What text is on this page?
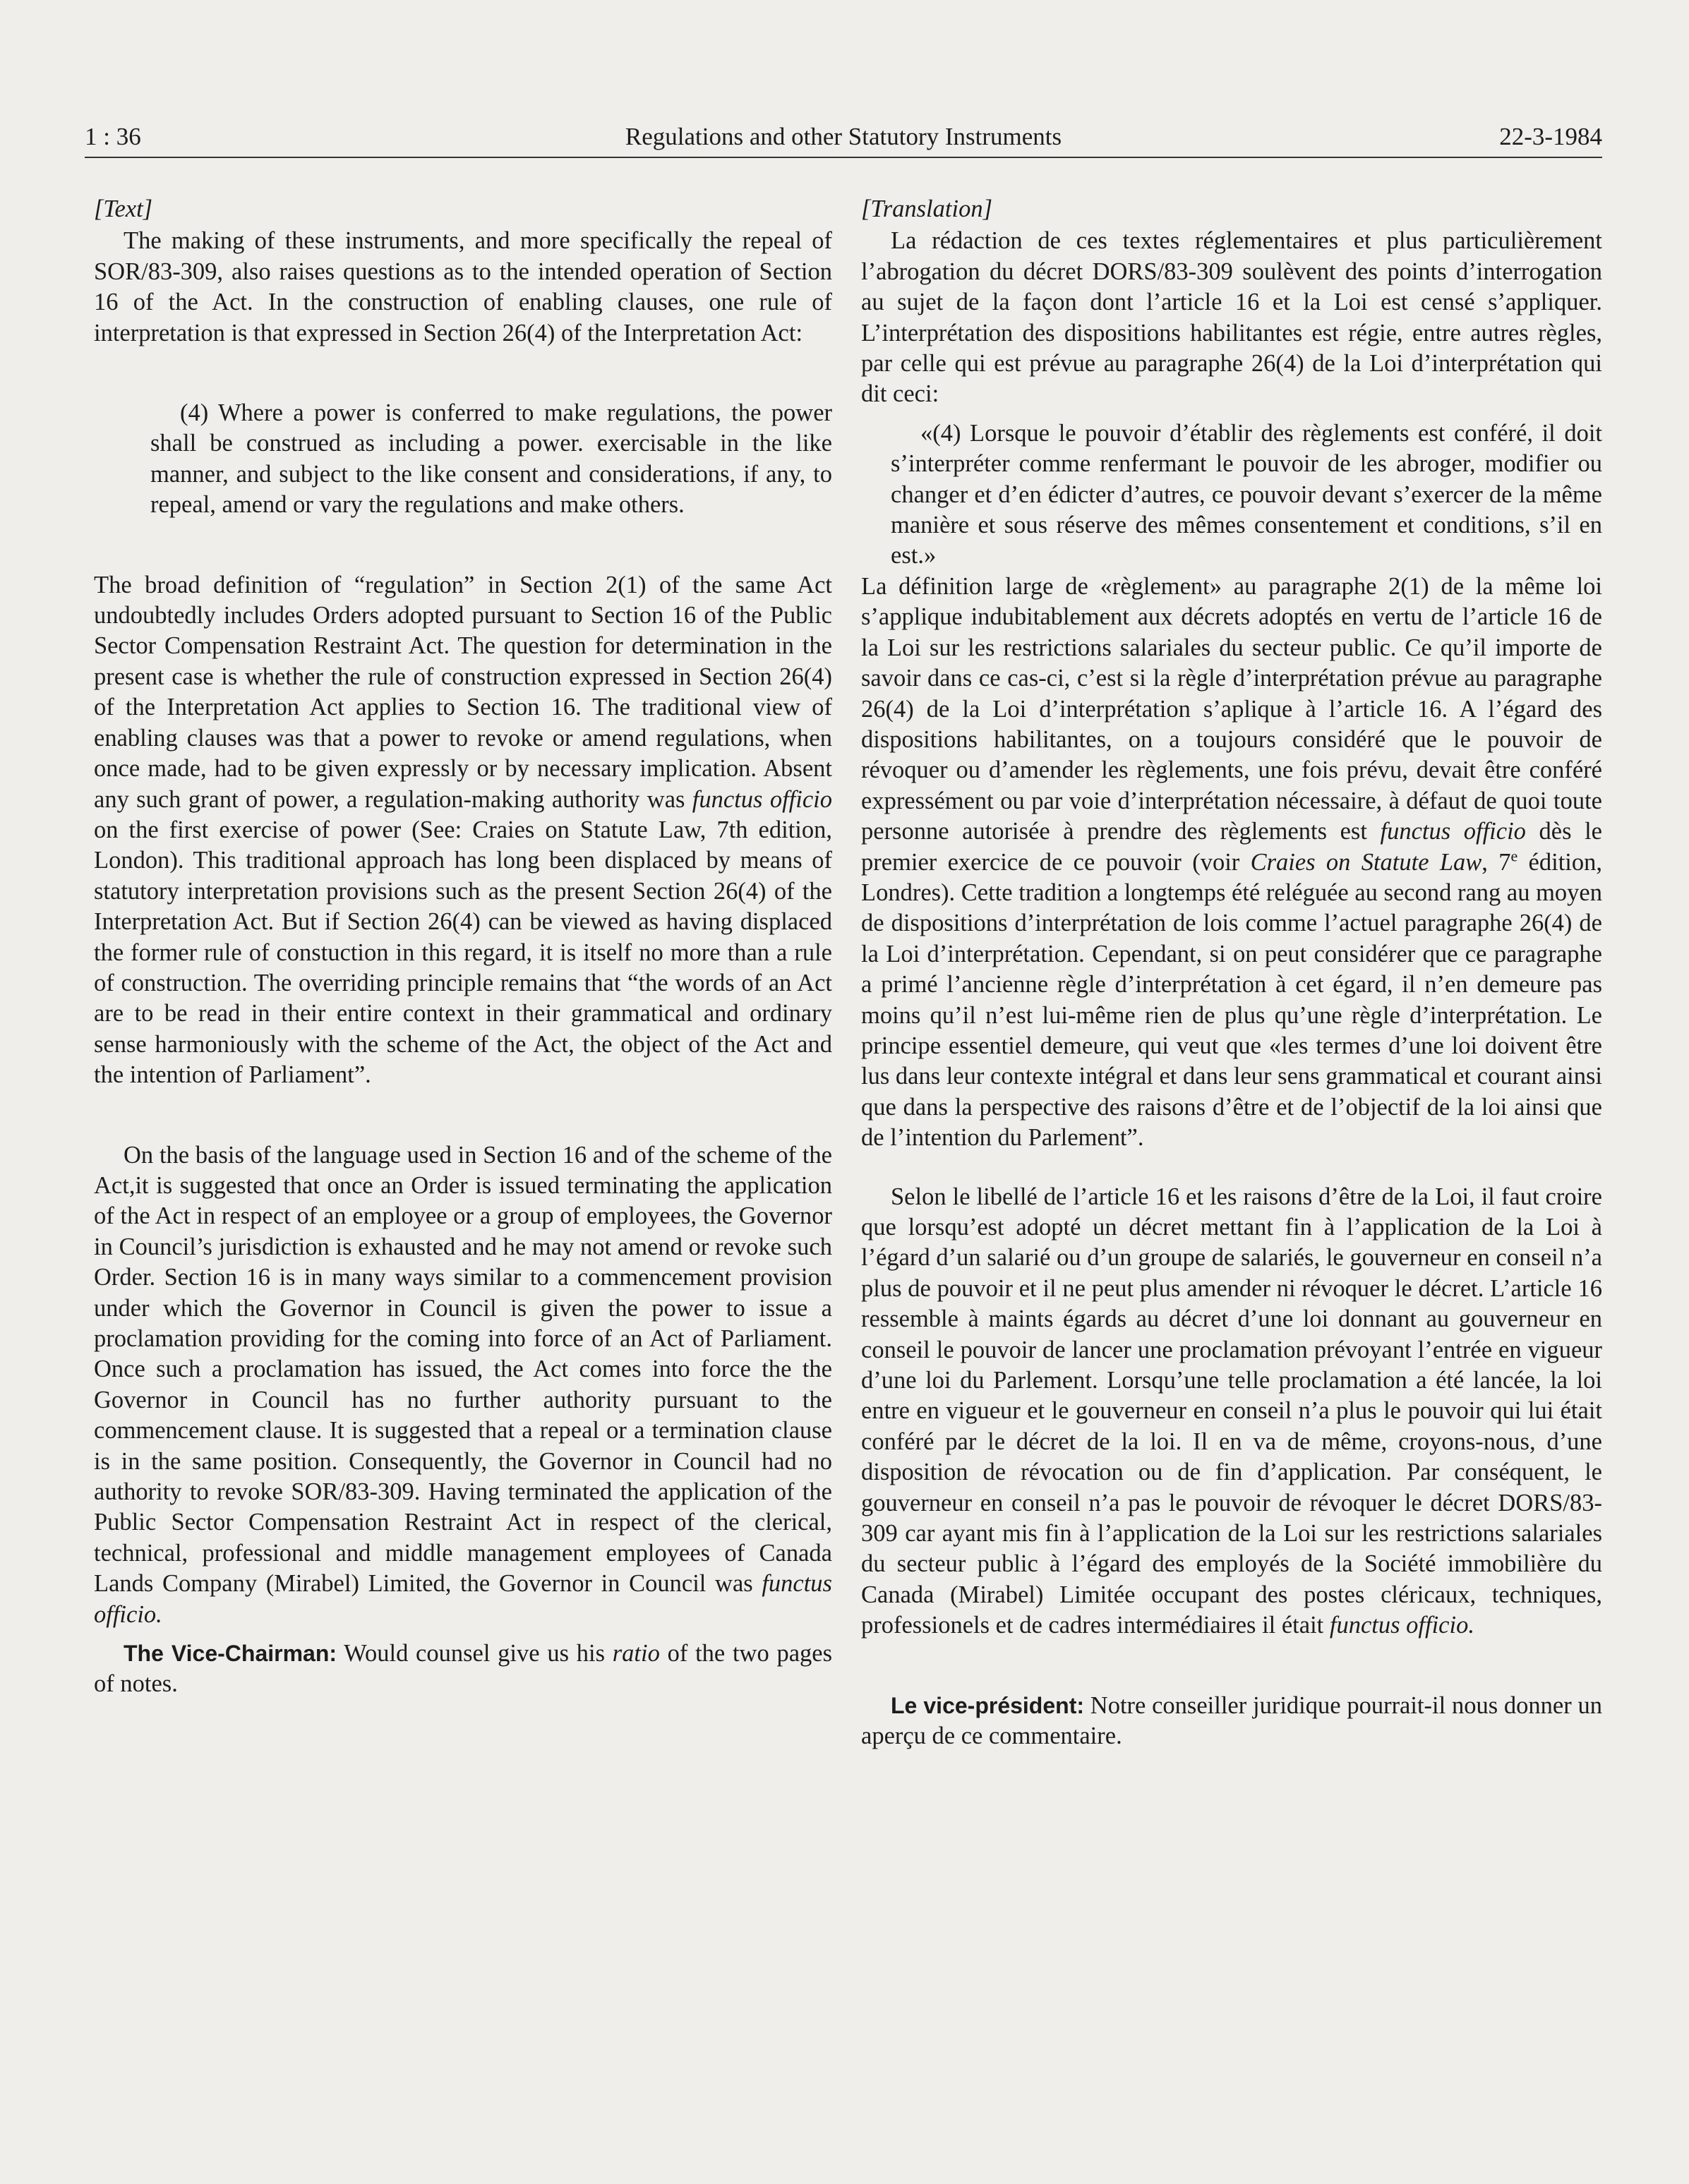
1 : 36	Regulations and other Statutory Instruments	22-3-1984

[Text]

The making of these instruments, and more specifically the repeal of SOR/83-309, also raises questions as to the intended operation of Section 16 of the Act. In the construction of enabling clauses, one rule of interpretation is that expressed in Section 26(4) of the Interpretation Act:

(4) Where a power is conferred to make regulations, the power shall be construed as including a power. exercisable in the like manner, and subject to the like consent and considerations, if any, to repeal, amend or vary the regulations and make others.

The broad definition of “regulation” in Section 2(1) of the same Act undoubtedly includes Orders adopted pursuant to Section 16 of the Public Sector Compensation Restraint Act. The question for determination in the present case is whether the rule of construction expressed in Section 26(4) of the Interpretation Act applies to Section 16. The traditional view of enabling clauses was that a power to revoke or amend regulations, when once made, had to be given expressly or by necessary implication. Absent any such grant of power, a regulation-making authority was functus officio on the first exercise of power (See: Craies on Statute Law, 7th edition, London). This traditional approach has long been displaced by means of statutory interpretation provisions such as the present Section 26(4) of the Interpretation Act. But if Section 26(4) can be viewed as having displaced the former rule of constuction in this regard, it is itself no more than a rule of construction. The overriding principle remains that “the words of an Act are to be read in their entire context in their grammatical and ordinary sense harmoniously with the scheme of the Act, the object of the Act and the intention of Parliament”.

On the basis of the language used in Section 16 and of the scheme of the Act,it is suggested that once an Order is issued terminating the application of the Act in respect of an employee or a group of employees, the Governor in Council’s jurisdiction is exhausted and he may not amend or revoke such Order. Section 16 is in many ways similar to a commencement provision under which the Governor in Council is given the power to issue a proclamation providing for the coming into force of an Act of Parliament. Once such a proclamation has issued, the Act comes into force the the Governor in Council has no further authority pursuant to the commencement clause. It is suggested that a repeal or a termination clause is in the same position. Consequently, the Governor in Council had no authority to revoke SOR/83-309. Having terminated the application of the Public Sector Compensation Restraint Act in respect of the clerical, technical, professional and middle management employees of Canada Lands Company (Mirabel) Limited, the Governor in Council was functus officio.

The Vice-Chairman: Would counsel give us his ratio of the two pages of notes.

[Translation]

La rédaction de ces textes réglementaires et plus particulièrement l’abrogation du décret DORS/83-309 soulèvent des points d’interrogation au sujet de la façon dont l’article 16 et la Loi est censé s’appliquer. L’interprétation des dispositions habilitantes est régie, entre autres règles, par celle qui est prévue au paragraphe 26(4) de la Loi d’interprétation qui dit ceci:

«(4) Lorsque le pouvoir d’établir des règlements est conféré, il doit s’interpréter comme renfermant le pouvoir de les abroger, modifier ou changer et d’en édicter d’autres, ce pouvoir devant s’exercer de la même manière et sous réserve des mêmes consentement et conditions, s’il en est.»

La définition large de «règlement» au paragraphe 2(1) de la même loi s’applique indubitablement aux décrets adoptés en vertu de l’article 16 de la Loi sur les restrictions salariales du secteur public. Ce qu’il importe de savoir dans ce cas-ci, c’est si la règle d’interprétation prévue au paragraphe 26(4) de la Loi d’interprétation s’aplique à l’article 16. A l’égard des dispositions habilitantes, on a toujours considéré que le pouvoir de révoquer ou d’amender les règlements, une fois prévu, devait être conféré expressément ou par voie d’interprétation nécessaire, à défaut de quoi toute personne autorisée à prendre des règlements est functus officio dès le premier exercice de ce pouvoir (voir Craies on Statute Law, 7e édition, Londres). Cette tradition a longtemps été reléguée au second rang au moyen de dispositions d’interprétation de lois comme l’actuel paragraphe 26(4) de la Loi d’interprétation. Cependant, si on peut considérer que ce paragraphe a primé l’ancienne règle d’interprétation à cet égard, il n’en demeure pas moins qu’il n’est lui-même rien de plus qu’une règle d’interprétation. Le principe essentiel demeure, qui veut que «les termes d’une loi doivent être lus dans leur contexte intégral et dans leur sens grammatical et courant ainsi que dans la perspective des raisons d’être et de l’objectif de la loi ainsi que de l’intention du Parlement”.

Selon le libellé de l’article 16 et les raisons d’être de la Loi, il faut croire que lorsqu’est adopté un décret mettant fin à l’application de la Loi à l’égard d’un salarié ou d’un groupe de salariés, le gouverneur en conseil n’a plus de pouvoir et il ne peut plus amender ni révoquer le décret. L’article 16 ressemble à maints égards au décret d’une loi donnant au gouverneur en conseil le pouvoir de lancer une proclamation prévoyant l’entrée en vigueur d’une loi du Parlement. Lorsqu’une telle proclamation a été lancée, la loi entre en vigueur et le gouverneur en conseil n’a plus le pouvoir qui lui était conféré par le décret de la loi. Il en va de même, croyons-nous, d’une disposition de révocation ou de fin d’application. Par conséquent, le gouverneur en conseil n’a pas le pouvoir de révoquer le décret DORS/83-309 car ayant mis fin à l’application de la Loi sur les restrictions salariales du secteur public à l’égard des employés de la Société immobilière du Canada (Mirabel) Limitée occupant des postes cléricaux, techniques, professionels et de cadres intermédiaires il était functus officio.

Le vice-président: Notre conseiller juridique pourrait-il nous donner un aperçu de ce commentaire.
